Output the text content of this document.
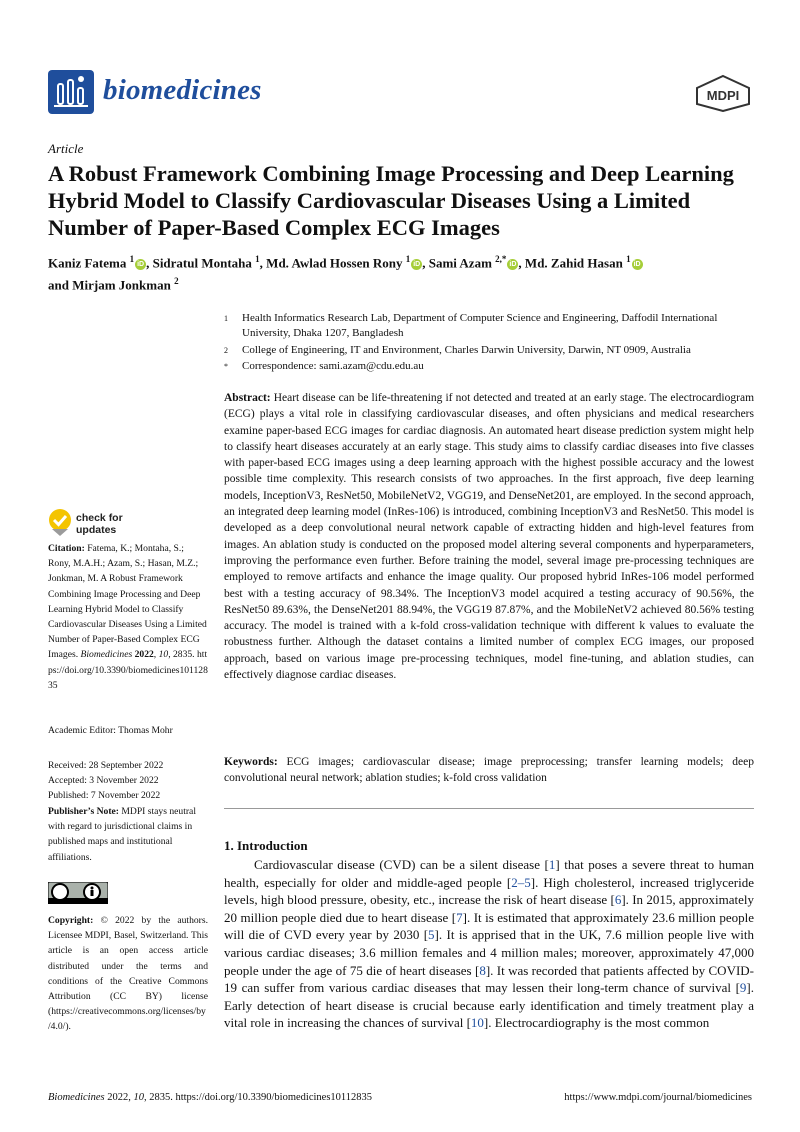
biomedicines	MDPI
Article
A Robust Framework Combining Image Processing and Deep Learning Hybrid Model to Classify Cardiovascular Diseases Using a Limited Number of Paper-Based Complex ECG Images
Kaniz Fatema $^1$iD , Sidratul Montaha $^1$, Md. Awlad Hossen Rony $^1$iD , Sami Azam $^{2,*}$iD , Md. Zahid Hasan $^1$iD
and Mirjam Jonkman $^2$
1 Health Informatics Research Lab, Department of Computer Science and Engineering, Daffodil International University, Dhaka 1207, Bangladesh
2 College of Engineering, IT and Environment, Charles Darwin University, Darwin, NT 0909, Australia
* Correspondence: sami.azam@cdu.edu.au
Abstract: Heart disease can be life-threatening if not detected and treated at an early stage. The electrocardiogram (ECG) plays a vital role in classifying cardiovascular diseases, and often physicians and medical researchers examine paper-based ECG images for cardiac diagnosis. An automated heart disease prediction system might help to classify heart diseases accurately at an early stage. This study aims to classify cardiac diseases into five classes with paper-based ECG images using a deep learning approach with the highest possible accuracy and the lowest possible time complexity. This research consists of two approaches. In the first approach, five deep learning models, InceptionV3, ResNet50, MobileNetV2, VGG19, and DenseNet201, are employed. In the second approach, an integrated deep learning model (InRes-106) is introduced, combining InceptionV3 and ResNet50. This model is developed as a deep convolutional neural network capable of extracting hidden and high-level features from images. An ablation study is conducted on the proposed model altering several components and hyperparameters, improving the performance even further. Before training the model, several image pre-processing techniques are employed to remove artifacts and enhance the image quality. Our proposed hybrid InRes-106 model performed best with a testing accuracy of 98.34%. The InceptionV3 model acquired a testing accuracy of 90.56%, the ResNet50 89.63%, the DenseNet201 88.94%, the VGG19 87.87%, and the MobileNetV2 achieved 80.56% testing accuracy. The model is trained with a k-fold cross-validation technique with different k values to evaluate the robustness further. Although the dataset contains a limited number of complex ECG images, our proposed approach, based on various image pre-processing techniques, model fine-tuning, and ablation studies, can effectively diagnose cardiac diseases.
Keywords: ECG images; cardiovascular disease; image preprocessing; transfer learning models; deep convolutional neural network; ablation studies; k-fold cross validation
1. Introduction
Cardiovascular disease (CVD) can be a silent disease [1] that poses a severe threat to human health, especially for older and middle-aged people [2–5]. High cholesterol, increased triglyceride levels, high blood pressure, obesity, etc., increase the risk of heart disease [6]. In 2015, approximately 20 million people died due to heart disease [7]. It is estimated that approximately 23.6 million people will die of CVD every year by 2030 [5]. It is apprised that in the UK, 7.6 million people live with various cardiac diseases; 3.6 million females and 4 million males; moreover, approximately 47,000 people under the age of 75 die of heart diseases [8]. It was recorded that patients affected by COVID-19 can suffer from various cardiac diseases that may lessen their long-term chance of survival [9]. Early detection of heart disease is crucial because early identification and timely treatment play a vital role in increasing the chances of survival [10]. Electrocardiography is the most common
check for
updates
Citation: Fatema, K.; Montaha, S.; Rony, M.A.H.; Azam, S.; Hasan, M.Z.; Jonkman, M. A Robust Framework Combining Image Processing and Deep Learning Hybrid Model to Classify Cardiovascular Diseases Using a Limited Number of Paper-Based Complex ECG Images. Biomedicines 2022, 10, 2835. https://doi.org/10.3390/biomedicines10112835
Academic Editor: Thomas Mohr
Received: 28 September 2022
Accepted: 3 November 2022
Published: 7 November 2022
Publisher’s Note: MDPI stays neutral with regard to jurisdictional claims in published maps and institutional affiliations.
Copyright: © 2022 by the authors. Licensee MDPI, Basel, Switzerland. This article is an open access article distributed under the terms and conditions of the Creative Commons Attribution (CC BY) license (https://creativecommons.org/licenses/by/4.0/).
Biomedicines 2022, 10, 2835. https://doi.org/10.3390/biomedicines10112835	https://www.mdpi.com/journal/biomedicines
